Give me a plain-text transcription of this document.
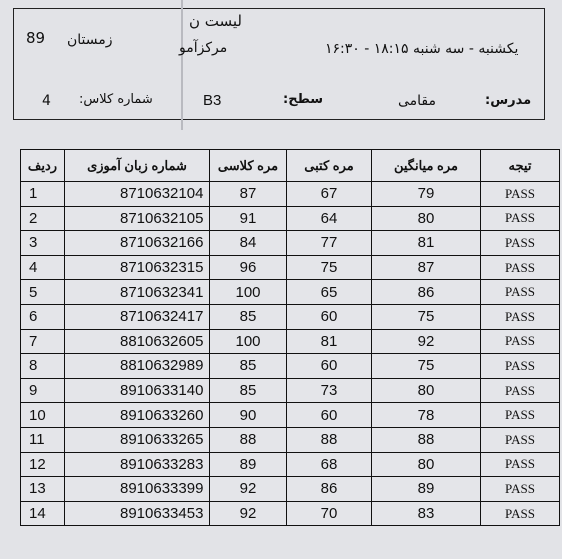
لیست ن
مرکزآمو
89 زمستان
یکشنبه - سه شنبه ۱۸:۱۵ - ۱۶:۳۰
4 شماره کلاس:	B3	سطح:	مقامی	مدرس:
ردیف	شماره زبان آموزی	مره کلاسی	مره کتبی	مره میانگین	تیجه
1	8710632104	87	67	79	PASS
2	8710632105	91	64	80	PASS
3	8710632166	84	77	81	PASS
4	8710632315	96	75	87	PASS
5	8710632341	100	65	86	PASS
6	8710632417	85	60	75	PASS
7	8810632605	100	81	92	PASS
8	8810632989	85	60	75	PASS
9	8910633140	85	73	80	PASS
10	8910633260	90	60	78	PASS
11	8910633265	88	88	88	PASS
12	8910633283	89	68	80	PASS
13	8910633399	92	86	89	PASS
14	8910633453	92	70	83	PASS
